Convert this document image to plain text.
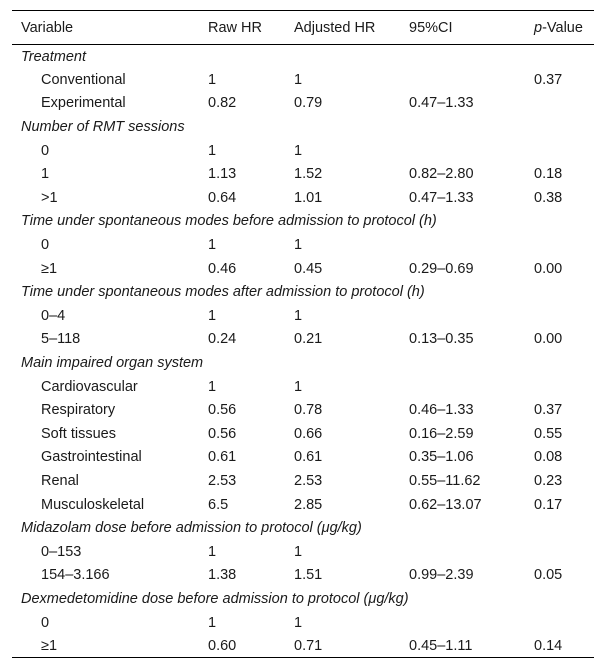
Variable	Raw HR	Adjusted HR	95%CI	p-Value
Treatment				
Conventional	1	1		0.37
Experimental	0.82	0.79	0.47–1.33	
Number of RMT sessions				
0	1	1		
1	1.13	1.52	0.82–2.80	0.18
>1	0.64	1.01	0.47–1.33	0.38
Time under spontaneous modes before admission to protocol (h)				
0	1	1		
≥1	0.46	0.45	0.29–0.69	0.00
Time under spontaneous modes after admission to protocol (h)				
0–4	1	1		
5–118	0.24	0.21	0.13–0.35	0.00
Main impaired organ system				
Cardiovascular	1	1		
Respiratory	0.56	0.78	0.46–1.33	0.37
Soft tissues	0.56	0.66	0.16–2.59	0.55
Gastrointestinal	0.61	0.61	0.35–1.06	0.08
Renal	2.53	2.53	0.55–11.62	0.23
Musculoskeletal	6.5	2.85	0.62–13.07	0.17
Midazolam dose before admission to protocol (μg/kg)				
0–153	1	1		
154–3.166	1.38	1.51	0.99–2.39	0.05
Dexmedetomidine dose before admission to protocol (μg/kg)				
0	1	1		
≥1	0.60	0.71	0.45–1.11	0.14
